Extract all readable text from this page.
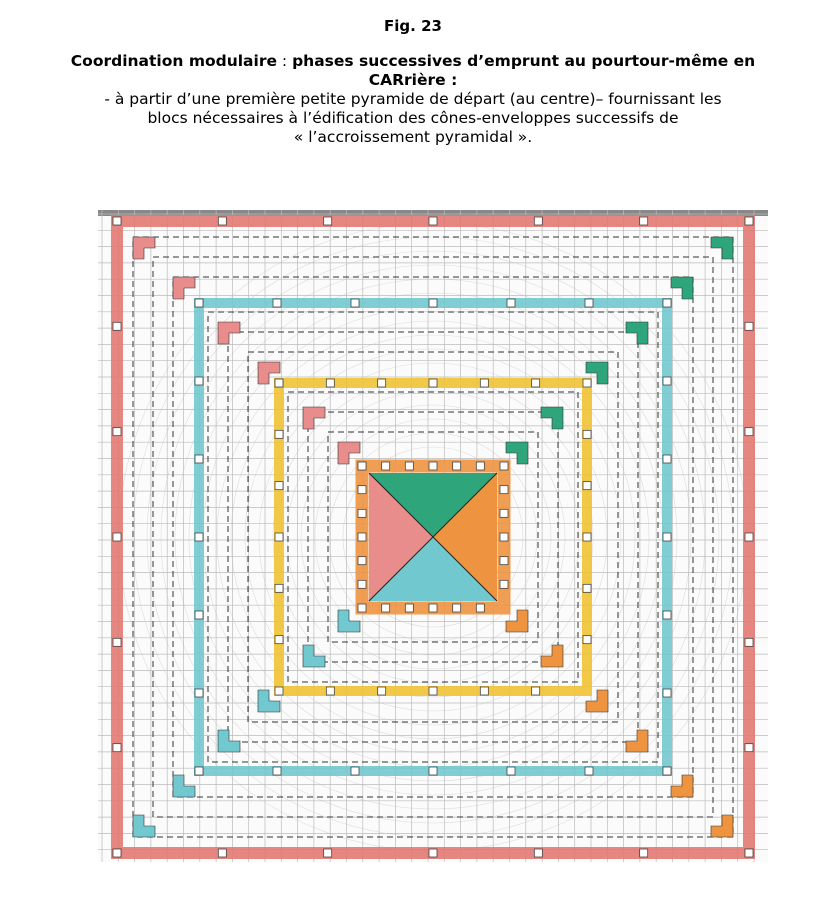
Fig. 23
Coordination modulaire : phases successives d’emprunt au pourtour-même en CARrière :
- à partir d’une première petite pyramide de départ (au centre)– fournissant les
blocs nécessaires à l’édification des cônes-enveloppes successifs de
« l’accroissement pyramidal ».
